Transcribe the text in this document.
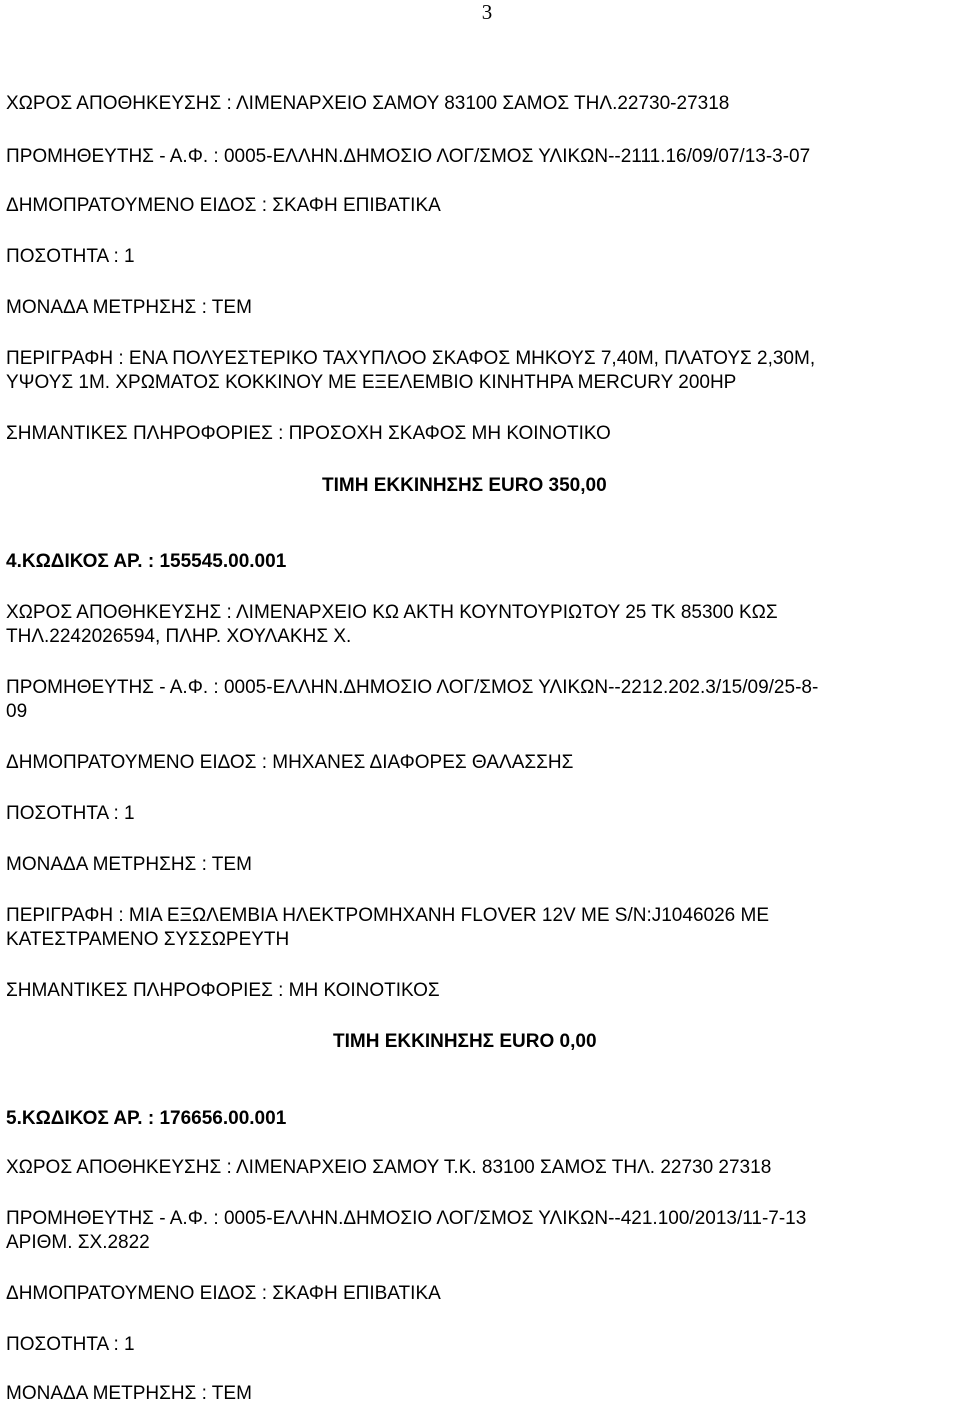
3

ΧΩΡΟΣ ΑΠΟΘΗΚΕΥΣΗΣ : ΛΙΜΕΝΑΡΧΕΙΟ ΣΑΜΟΥ 83100 ΣΑΜΟΣ ΤΗΛ.22730-27318

ΠΡΟΜΗΘΕΥΤΗΣ - Α.Φ. : 0005-ΕΛΛΗΝ.ΔΗΜΟΣΙΟ ΛΟΓ/ΣΜΟΣ ΥΛΙΚΩΝ--2111.16/09/07/13-3-07

ΔΗΜΟΠΡΑΤΟΥΜΕΝΟ ΕΙΔΟΣ : ΣΚΑΦΗ ΕΠΙΒΑΤΙΚΑ

ΠΟΣΟΤΗΤΑ : 1

ΜΟΝΑΔΑ ΜΕΤΡΗΣΗΣ : ΤΕΜ

ΠΕΡΙΓΡΑΦΗ : ΕΝΑ ΠΟΛΥΕΣΤΕΡΙΚΟ ΤΑΧΥΠΛΟΟ ΣΚΑΦΟΣ ΜΗΚΟΥΣ 7,40Μ, ΠΛΑΤΟΥΣ 2,30Μ,

ΥΨΟΥΣ 1Μ. ΧΡΩΜΑΤΟΣ ΚΟΚΚΙΝΟΥ ΜΕ ΕΞΕΛΕΜΒΙΟ ΚΙΝΗΤΗΡΑ MERCURY 200HP

ΣΗΜΑΝΤΙΚΕΣ ΠΛΗΡΟΦΟΡΙΕΣ : ΠΡΟΣΟΧΗ ΣΚΑΦΟΣ ΜΗ ΚΟΙΝΟΤΙΚΟ

ΤΙΜΗ ΕΚΚΙΝΗΣΗΣ EURO 350,00

4.ΚΩΔΙΚΟΣ ΑΡ. : 155545.00.001

ΧΩΡΟΣ ΑΠΟΘΗΚΕΥΣΗΣ : ΛΙΜΕΝΑΡΧΕΙΟ ΚΩ ΑΚΤΗ ΚΟΥΝΤΟΥΡΙΩΤΟΥ 25 ΤΚ 85300 ΚΩΣ

ΤΗΛ.2242026594, ΠΛΗΡ. ΧΟΥΛΑΚΗΣ Χ.

ΠΡΟΜΗΘΕΥΤΗΣ - Α.Φ. : 0005-ΕΛΛΗΝ.ΔΗΜΟΣΙΟ ΛΟΓ/ΣΜΟΣ ΥΛΙΚΩΝ--2212.202.3/15/09/25-8-

09

ΔΗΜΟΠΡΑΤΟΥΜΕΝΟ ΕΙΔΟΣ : ΜΗΧΑΝΕΣ ΔΙΑΦΟΡΕΣ ΘΑΛΑΣΣΗΣ

ΠΟΣΟΤΗΤΑ : 1

ΜΟΝΑΔΑ ΜΕΤΡΗΣΗΣ : ΤΕΜ

ΠΕΡΙΓΡΑΦΗ : ΜΙΑ ΕΞΩΛΕΜΒΙΑ ΗΛΕΚΤΡΟΜΗΧΑΝΗ FLOVER 12V ΜΕ S/N:J1046026 ΜΕ

ΚΑΤΕΣΤΡΑΜΕΝΟ ΣΥΣΣΩΡΕΥΤΗ

ΣΗΜΑΝΤΙΚΕΣ ΠΛΗΡΟΦΟΡΙΕΣ : ΜΗ ΚΟΙΝΟΤΙΚΟΣ

ΤΙΜΗ ΕΚΚΙΝΗΣΗΣ EURO 0,00

5.ΚΩΔΙΚΟΣ ΑΡ. : 176656.00.001

ΧΩΡΟΣ ΑΠΟΘΗΚΕΥΣΗΣ : ΛΙΜΕΝΑΡΧΕΙΟ ΣΑΜΟΥ Τ.Κ. 83100 ΣΑΜΟΣ ΤΗΛ. 22730 27318

ΠΡΟΜΗΘΕΥΤΗΣ - Α.Φ. : 0005-ΕΛΛΗΝ.ΔΗΜΟΣΙΟ ΛΟΓ/ΣΜΟΣ ΥΛΙΚΩΝ--421.100/2013/11-7-13

ΑΡΙΘΜ. ΣΧ.2822

ΔΗΜΟΠΡΑΤΟΥΜΕΝΟ ΕΙΔΟΣ : ΣΚΑΦΗ ΕΠΙΒΑΤΙΚΑ

ΠΟΣΟΤΗΤΑ : 1

ΜΟΝΑΔΑ ΜΕΤΡΗΣΗΣ : ΤΕΜ
